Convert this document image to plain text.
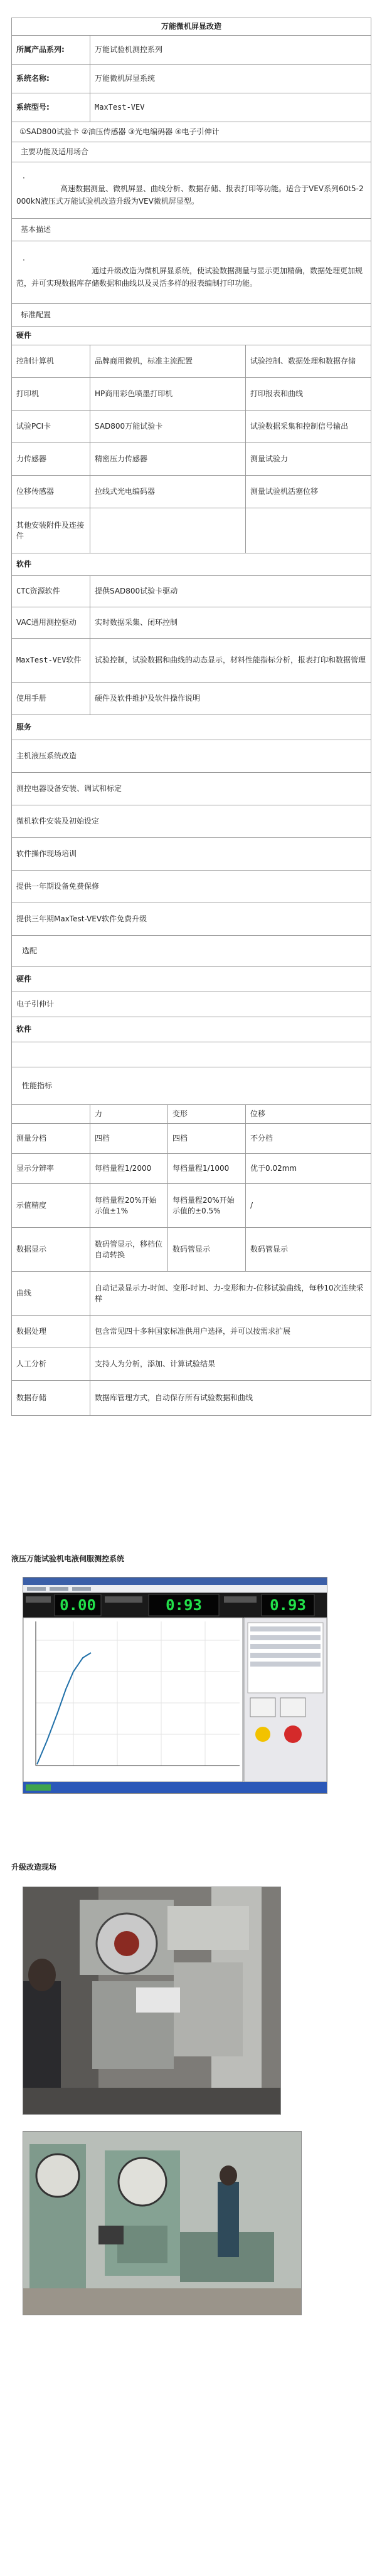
万能微机屏显改造			
所属产品系列:	万能试验机测控系列		
系统名称:	万能微机屏显系统		
系统型号:	MaxTest-VEV		
①SAD800试验卡 ②油压传感器 ③光电编码器 ④电子引伸计			
主要功能及适用场合			

·
高速数据测量、微机屏显、曲线分析、数据存储、报表打印等功能。适合于VEV系列60t5-2000kN液压式万能试验机改造升级为VEV微机屏显型。			

基本描述			

·
通过升级改造为微机屏显系统，使试验数据测量与显示更加精确，数据处理更加规范，并可实现数据库存储数据和曲线以及灵活多样的报表编制打印功能。			

标准配置			
硬件			
控制计算机	品牌商用微机，标准主流配置		试验控制、数据处理和数据存储
打印机	HP商用彩色喷墨打印机		打印报表和曲线
试验PCI卡	SAD800万能试验卡		试验数据采集和控制信号输出
力传感器	精密压力传感器		测量试验力
位移传感器	拉线式光电编码器		测量试验机活塞位移
其他安装附件及连接件			
软件			
CTC资源软件	提供SAD800试验卡驱动		
VAC通用测控驱动	实时数据采集、闭环控制		
MaxTest-VEV软件	试验控制，试验数据和曲线的动态显示，材料性能指标分析，报表打印和数据管理		
使用手册	硬件及软件维护及软件操作说明		
服务			
主机液压系统改造			
测控电器设备安装、调试和标定			
微机软件安装及初始设定			
软件操作现场培训			
提供一年期设备免费保修			
提供三年期MaxTest-VEV软件免费升级			
选配			
硬件			
电子引伸计			
软件			

性能指标			
	力	变形	位移
测量分档	四档	四档	不分档
显示分辨率	每档量程1/2000	每档量程1/1000	优于0.02mm
示值精度	每档量程20%开始示值±1%	每档量程20%开始示值的±0.5%	/
数据显示	数码管显示，移档位自动转换	数码管显示	数码管显示
曲线	自动记录显示力-时间、变形-时间、力-变形和力-位移试验曲线，每秒10次连续采样		
数据处理	包含常见四十多种国家标准供用户选择，并可以按需求扩展		
人工分析	支持人为分析，添加、计算试验结果		
数据存储	数据库管理方式，自动保存所有试验数据和曲线		
液压万能试验机电液伺服测控系统
0.00	0:93	0.93
升级改造现场
